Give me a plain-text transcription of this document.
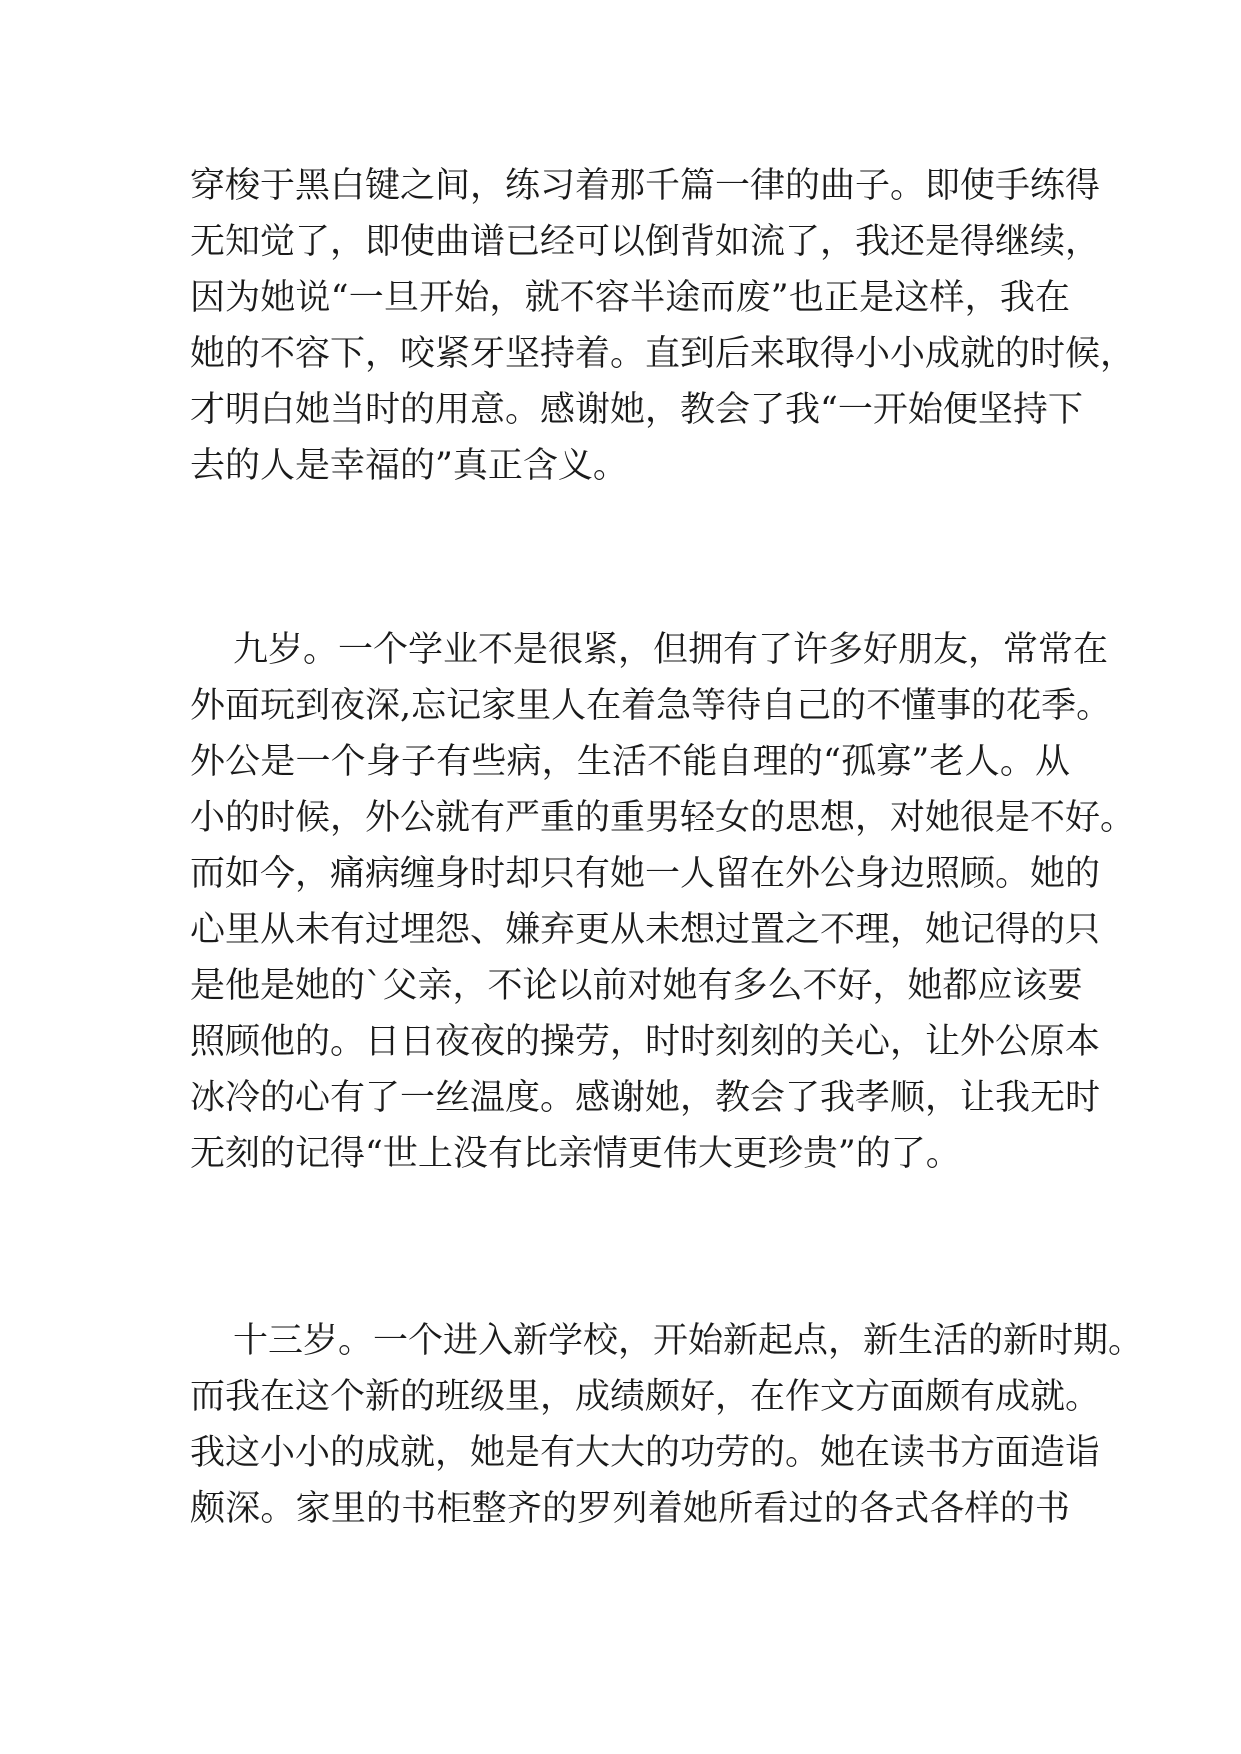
穿梭于黑白键之间，练习着那千篇一律的曲子。即使手练得
无知觉了，即使曲谱已经可以倒背如流了，我还是得继续，
因为她说“一旦开始，就不容半途而废”也正是这样，我在
她的不容下，咬紧牙坚持着。直到后来取得小小成就的时候，
才明白她当时的用意。感谢她，教会了我“一开始便坚持下
去的人是幸福的”真正含义。
九岁。一个学业不是很紧，但拥有了许多好朋友，常常在
外面玩到夜深,忘记家里人在着急等待自己的不懂事的花季。
外公是一个身子有些病，生活不能自理的“孤寡”老人。从
小的时候，外公就有严重的重男轻女的思想，对她很是不好。
而如今，痛病缠身时却只有她一人留在外公身边照顾。她的
心里从未有过埋怨、嫌弃更从未想过置之不理，她记得的只
是他是她的`父亲，不论以前对她有多么不好，她都应该要
照顾他的。日日夜夜的操劳，时时刻刻的关心，让外公原本
冰冷的心有了一丝温度。感谢她，教会了我孝顺，让我无时
无刻的记得“世上没有比亲情更伟大更珍贵”的了。
十三岁。一个进入新学校，开始新起点，新生活的新时期。
而我在这个新的班级里，成绩颇好，在作文方面颇有成就。
我这小小的成就，她是有大大的功劳的。她在读书方面造诣
颇深。家里的书柜整齐的罗列着她所看过的各式各样的书
